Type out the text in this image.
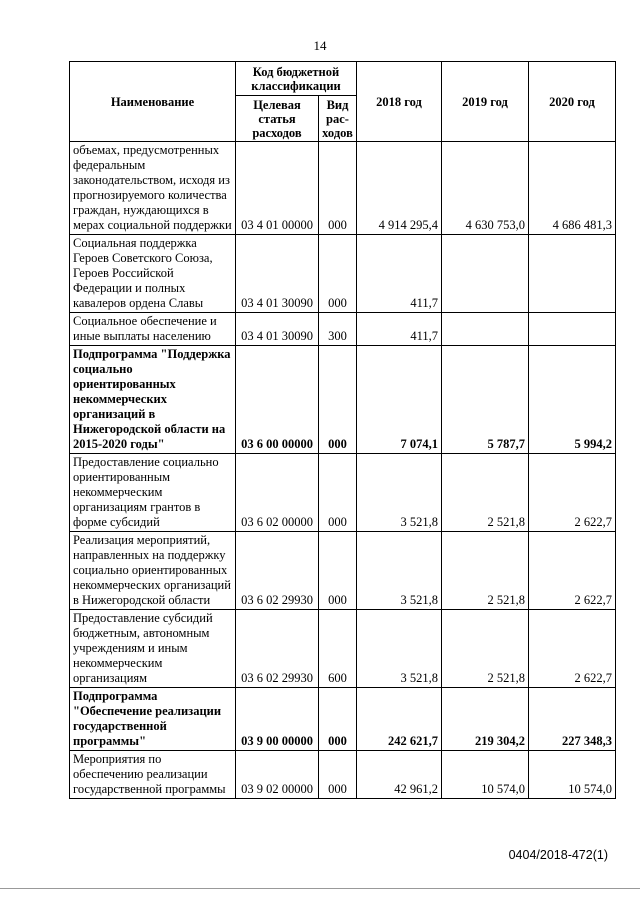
14
Наименование	Код бюджетной классификации		2018 год	2019 год	2020 год
	Целевая статья расходов	Вид рас-ходов			
объемах, предусмотренных федеральным законодательством, исходя из прогнозируемого количества граждан, нуждающихся в мерах социальной поддержки	03 4 01 00000	000	4 914 295,4	4 630 753,0	4 686 481,3
Социальная поддержка Героев Советского Союза, Героев Российской Федерации и полных кавалеров ордена Славы	03 4 01 30090	000	411,7		
Социальное обеспечение и иные выплаты населению	03 4 01 30090	300	411,7		
Подпрограмма "Поддержка социально ориентированных некоммерческих организаций в Нижегородской области на 2015-2020 годы"	03 6 00 00000	000	7 074,1	5 787,7	5 994,2
Предоставление социально ориентированным некоммерческим организациям грантов в форме субсидий	03 6 02 00000	000	3 521,8	2 521,8	2 622,7
Реализация мероприятий, направленных на поддержку социально ориентированных некоммерческих организаций в Нижегородской области	03 6 02 29930	000	3 521,8	2 521,8	2 622,7
Предоставление субсидий бюджетным, автономным учреждениям и иным некоммерческим организациям	03 6 02 29930	600	3 521,8	2 521,8	2 622,7
Подпрограмма "Обеспечение реализации государственной программы"	03 9 00 00000	000	242 621,7	219 304,2	227 348,3
Мероприятия по обеспечению реализации государственной программы	03 9 02 00000	000	42 961,2	10 574,0	10 574,0
0404/2018-472(1)
